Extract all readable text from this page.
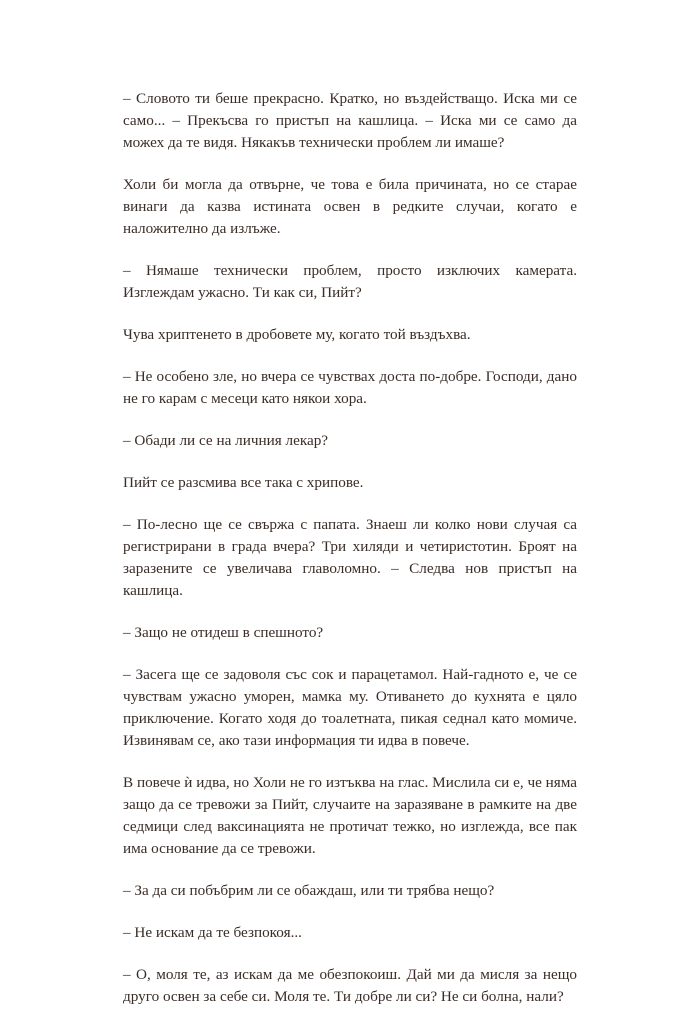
– Словото ти беше прекрасно. Кратко, но въздействащо. Иска ми се само... – Прекъсва го пристъп на кашлица. – Иска ми се само да можех да те видя. Някакъв технически проблем ли имаше?

Холи би могла да отвърне, че това е била причината, но се старае винаги да казва истината освен в редките случаи, когато е наложително да излъже.

– Нямаше технически проблем, просто изключих камерата. Изглеждам ужасно. Ти как си, Пийт?

Чува хриптенето в дробовете му, когато той въздъхва.

– Не особено зле, но вчера се чувствах доста по-добре. Господи, дано не го карам с месеци като някои хора.

– Обади ли се на личния лекар?

Пийт се разсмива все така с хрипове.

– По-лесно ще се свържа с папата. Знаеш ли колко нови случая са регистрирани в града вчера? Три хиляди и четиристотин. Броят на заразените се увеличава главоломно. – Следва нов пристъп на кашлица.

– Защо не отидеш в спешното?

– Засега ще се задоволя със сок и парацетамол. Най-гадното е, че се чувствам ужасно уморен, мамка му. Отиването до кухнята е цяло приключение. Когато ходя до тоалетната, пикая седнал като момиче. Извинявам се, ако тази информация ти идва в повече.

В повече ѝ идва, но Холи не го изтъква на глас. Мислила си е, че няма защо да се тревожи за Пийт, случаите на заразяване в рамките на две седмици след ваксинацията не протичат тежко, но изглежда, все пак има основание да се тревожи.

– За да си побъбрим ли се обаждаш, или ти трябва нещо?

– Не искам да те безпокоя...

– О, моля те, аз искам да ме обезпокоиш. Дай ми да мисля за нещо друго освен за себе си. Моля те. Ти добре ли си? Не си болна, нали?
